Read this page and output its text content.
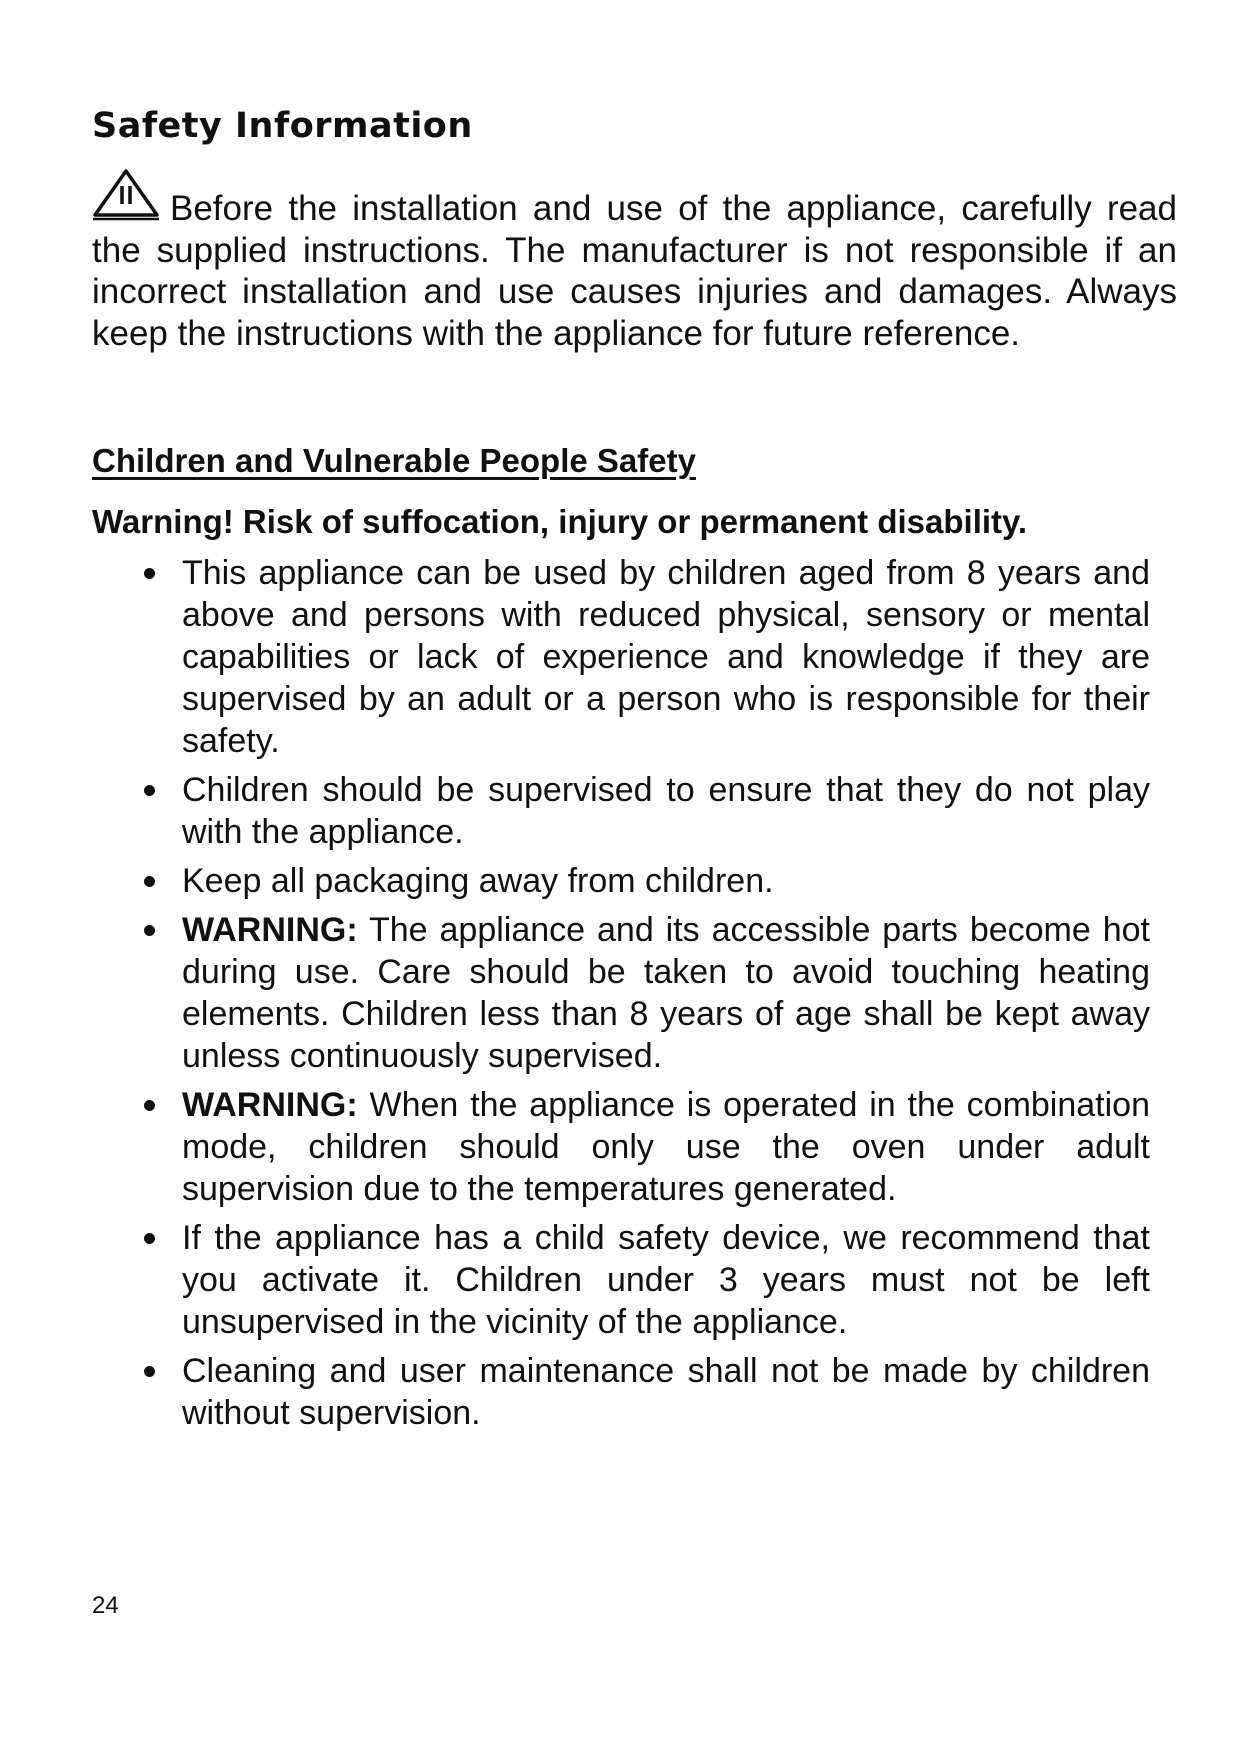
Safety Information

Before the installation and use of the appliance, carefully read the supplied instructions. The manufacturer is not responsible if an incorrect installation and use causes injuries and damages. Always keep the instructions with the appliance for future reference.

Children and Vulnerable People Safety

Warning! Risk of suffocation, injury or permanent disability.

This appliance can be used by children aged from 8 years and above and persons with reduced physical, sensory or mental capabilities or lack of experience and knowledge if they are supervised by an adult or a person who is responsible for their safety.
Children should be supervised to ensure that they do not play with the appliance.
Keep all packaging away from children.
WARNING: The appliance and its accessible parts become hot during use. Care should be taken to avoid touching heating elements. Children less than 8 years of age shall be kept away unless continuously supervised.
WARNING: When the appliance is operated in the combination mode, children should only use the oven under adult supervision due to the temperatures generated.
If the appliance has a child safety device, we recommend that you activate it. Children under 3 years must not be left unsupervised in the vicinity of the appliance.
Cleaning and user maintenance shall not be made by children without supervision.

24
